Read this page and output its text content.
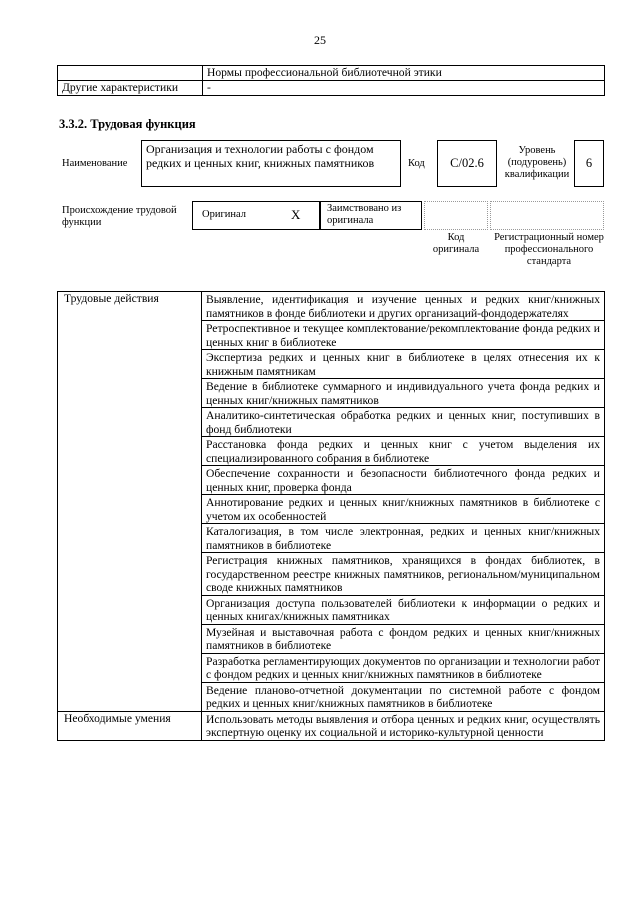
25
	Нормы профессиональной библиотечной этики
Другие характеристики	-
3.3.2. Трудовая функция
Наименование
Организация и технологии работы с фондом редких и ценных книг, книжных памятников	Код	C/02.6
Уровень (подуровень) квалификации
6
Происхождение трудовой функции
Оригинал	X	Заимствовано из оригинала
Код оригинала
Регистрационный номер профессионального стандарта
Трудовые действия	Выявление, идентификация и изучение ценных и редких книг/книжных памятников в фонде библиотеки и других организаций-фондодержателях
	Ретроспективное и текущее комплектование/рекомплектование фонда редких и ценных книг в библиотеке
	Экспертиза редких и ценных книг в библиотеке в целях отнесения их к книжным памятникам
	Ведение в библиотеке суммарного и индивидуального учета фонда редких и ценных книг/книжных памятников
	Аналитико-синтетическая обработка редких и ценных книг, поступивших в фонд библиотеки
	Расстановка фонда редких и ценных книг с учетом выделения их специализированного собрания в библиотеке
	Обеспечение сохранности и безопасности библиотечного фонда редких и ценных книг, проверка фонда
	Аннотирование редких и ценных книг/книжных памятников в библиотеке с учетом их особенностей
	Каталогизация, в том числе электронная, редких и ценных книг/книжных памятников в библиотеке
	Регистрация книжных памятников, хранящихся в фондах библиотек, в государственном реестре книжных памятников, региональном/муниципальном своде книжных памятников
	Организация доступа пользователей библиотеки к информации о редких и ценных книгах/книжных памятниках
	Музейная и выставочная работа с фондом редких и ценных книг/книжных памятников в библиотеке
	Разработка регламентирующих документов по организации и технологии работ с фондом редких и ценных книг/книжных памятников в библиотеке
	Ведение планово-отчетной документации по системной работе с фондом редких и ценных книг/книжных памятников в библиотеке
Необходимые умения	Использовать методы выявления и отбора ценных и редких книг, осуществлять экспертную оценку их социальной и историко-культурной ценности
